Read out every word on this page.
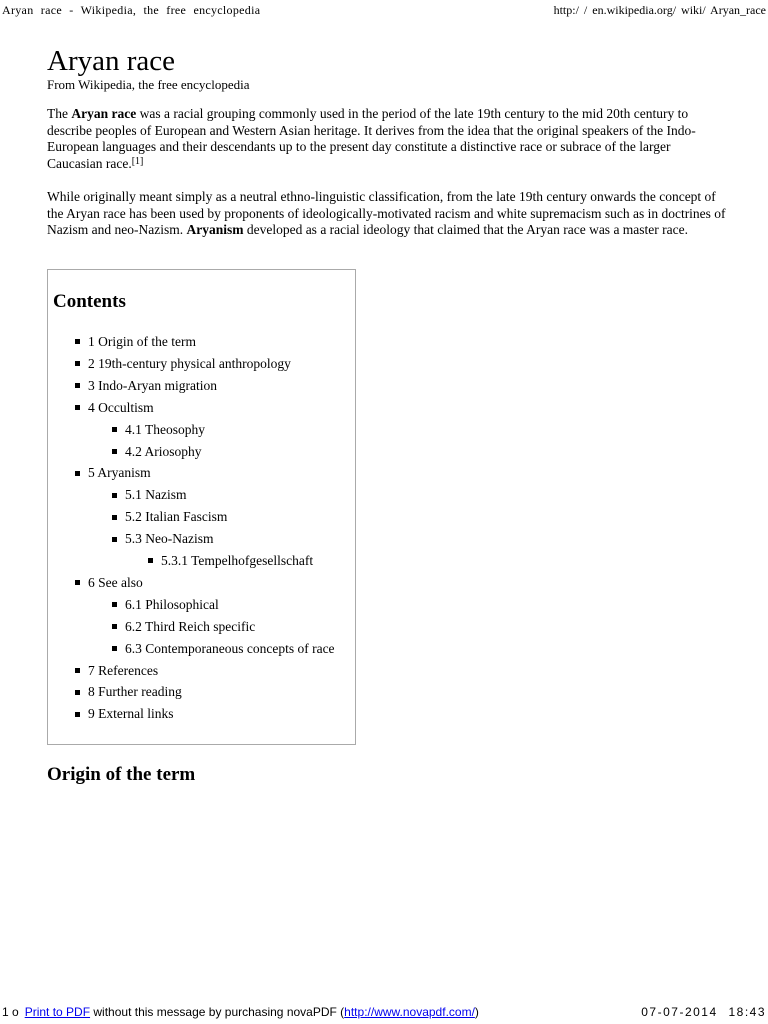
Aryan race - Wikipedia, the free encyclopedia	http:/ / en.wikipedia.org/ wiki/ Aryan_race
Aryan race
From Wikipedia, the free encyclopedia

The Aryan race was a racial grouping commonly used in the period of the late 19th century to the mid 20th century to describe peoples of European and Western Asian heritage. It derives from the idea that the original speakers of the Indo-European languages and their descendants up to the present day constitute a distinctive race or subrace of the larger Caucasian race.[1]

While originally meant simply as a neutral ethno-linguistic classification, from the late 19th century onwards the concept of the Aryan race has been used by proponents of ideologically-motivated racism and white supremacism such as in doctrines of Nazism and neo-Nazism. Aryanism developed as a racial ideology that claimed that the Aryan race was a master race.

Contents
1 Origin of the term
2 19th-century physical anthropology
3 Indo-Aryan migration
4 Occultism
4.1 Theosophy
4.2 Ariosophy
5 Aryanism
5.1 Nazism
5.2 Italian Fascism
5.3 Neo-Nazism
5.3.1 Tempelhofgesellschaft
6 See also
6.1 Philosophical
6.2 Third Reich specific
6.3 Contemporaneous concepts of race
7 References
8 Further reading
9 External links
Origin of the term
1 o Print to PDF without this message by purchasing novaPDF (http://www.novapdf.com/)	07-07-2014 18:43
